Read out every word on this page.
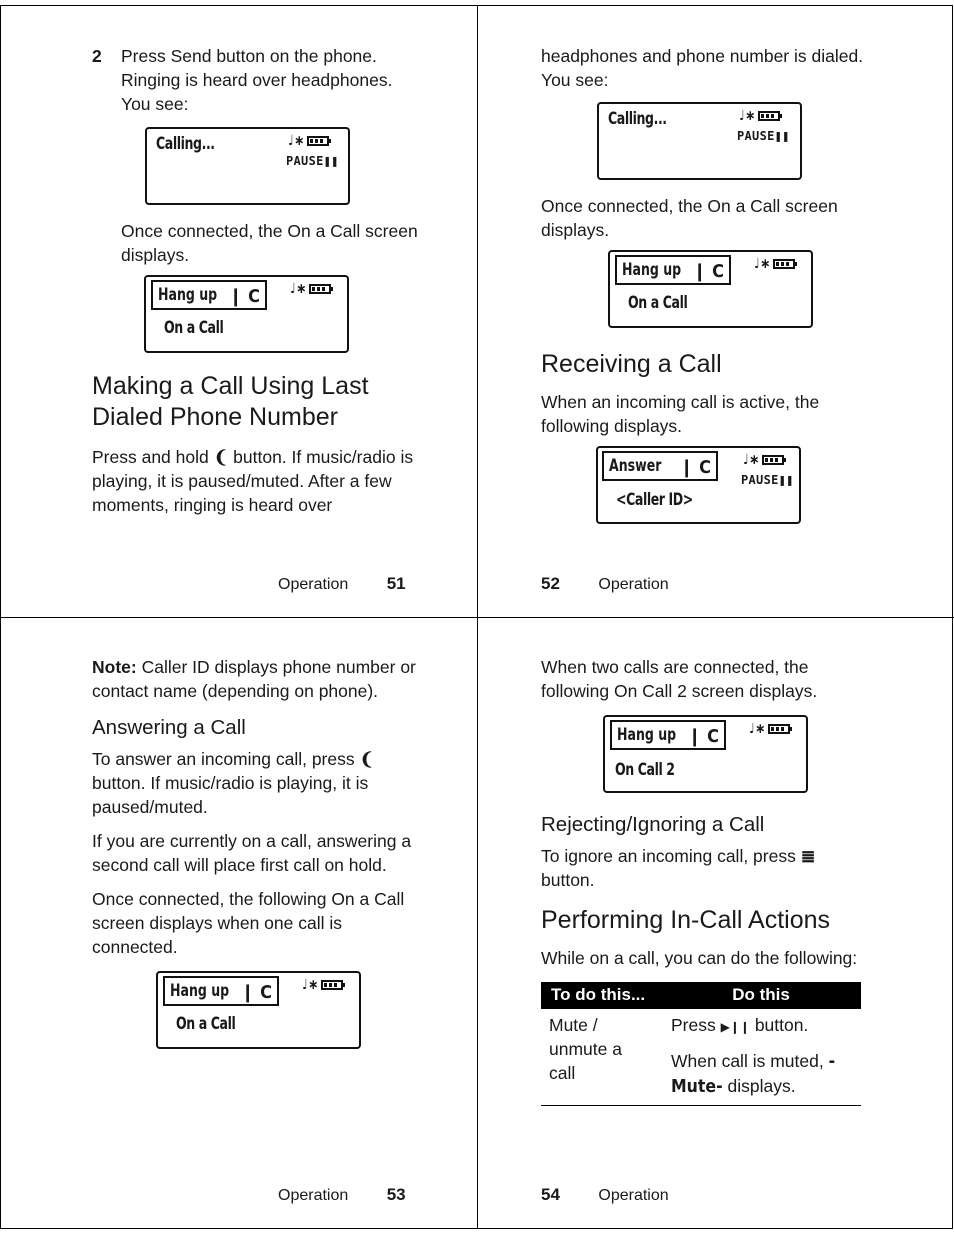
2 Press Send button on the phone. Ringing is heard over headphones. You see:

Calling...	♩∗
PAUSE❚❚

Once connected, the On a Call screen displays.

Hang up ❙ C ♩∗
On a Call
Making a Call Using Last Dialed Phone Number

Press and hold ❨ button. If music/radio is playing, it is paused/muted. After a few moments, ringing is heard over

Operation 51

headphones and phone number is dialed. You see:

Calling...	♩∗
PAUSE❚❚

Once connected, the On a Call screen displays.

Hang up ❙ C ♩∗
On a Call
Receiving a Call

When an incoming call is active, the following displays.

Answer ❙ C ♩∗
PAUSE❚❚
<Caller ID>
52 Operation

Note: Caller ID displays phone number or contact name (depending on phone).

Answering a Call

To answer an incoming call, press ❨ button. If music/radio is playing, it is paused/muted.

If you are currently on a call, answering a second call will place first call on hold.

Once connected, the following On a Call screen displays when one call is connected.

Hang up ❙ C ♩∗
On a Call
Operation 53

When two calls are connected, the following On Call 2 screen displays.

Hang up ❙ C ♩∗
On Call 2
Rejecting/Ignoring a Call

To ignore an incoming call, press ≣ button.

Performing In-Call Actions

While on a call, you can do the following:

To do this...	Do this
Mute / unmute a call	Press ▶❙❙ button.
When call is muted, -Mute- displays.
54 Operation
